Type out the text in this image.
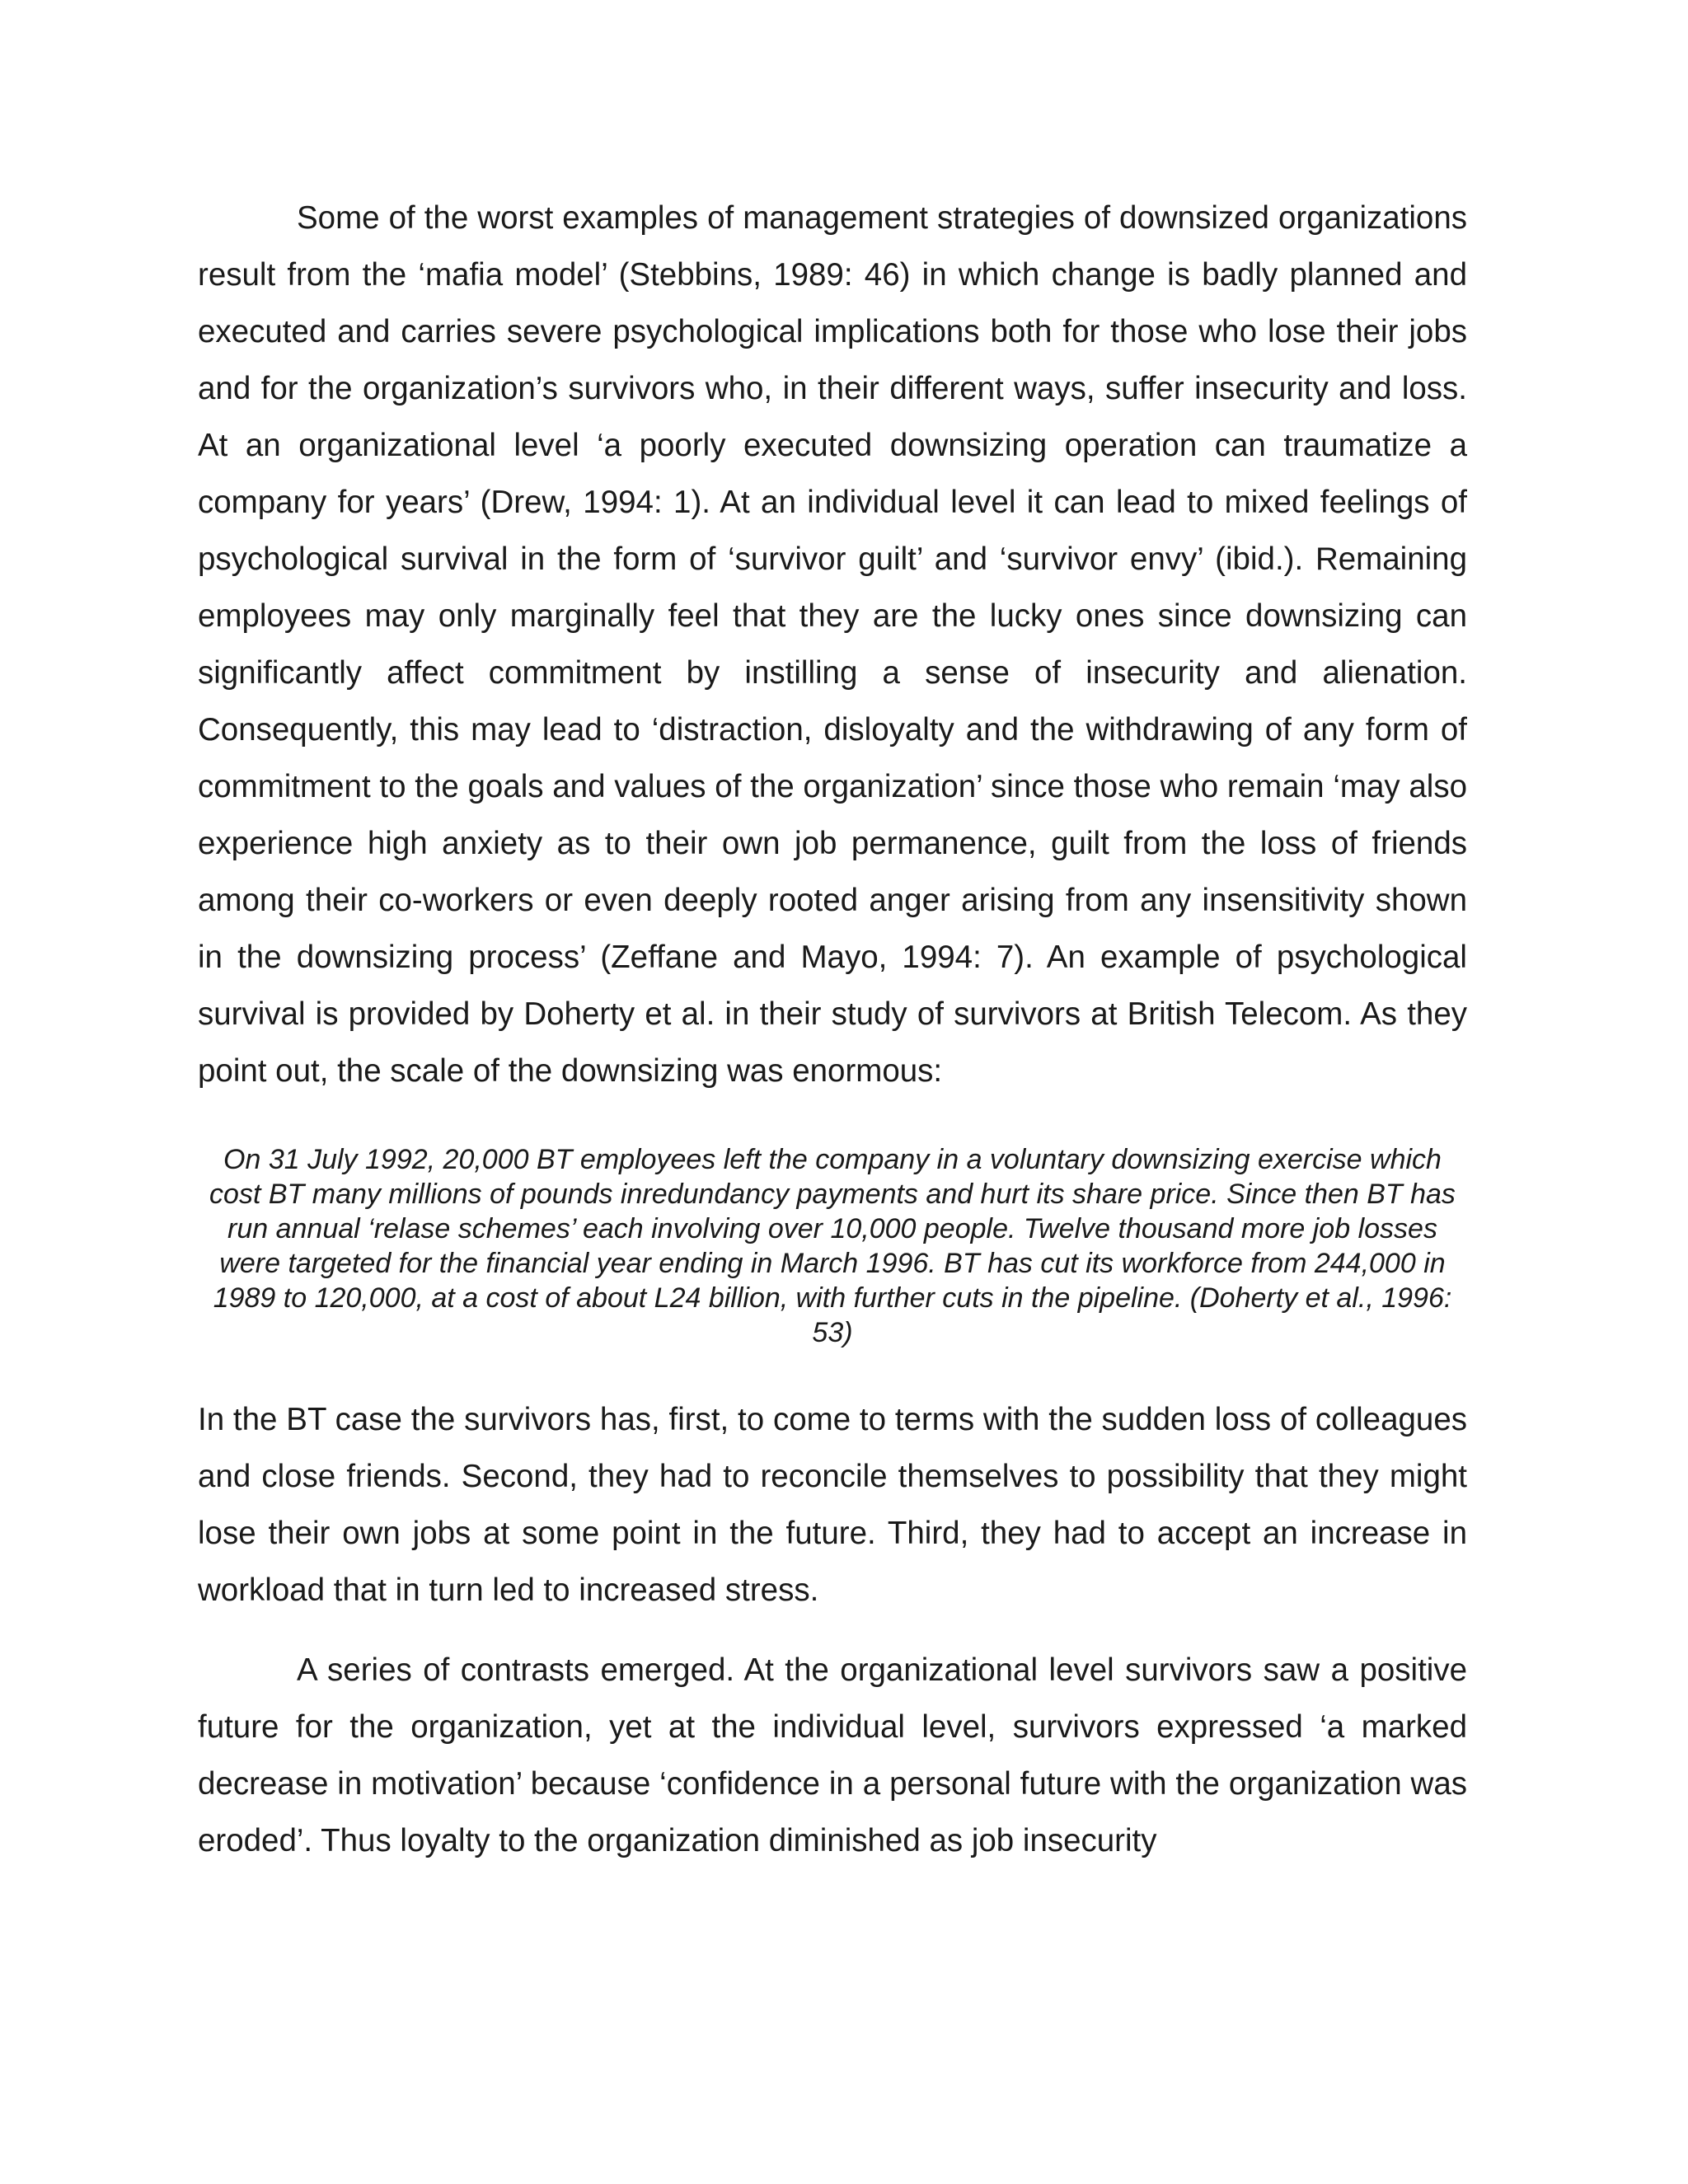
Some of the worst examples of management strategies of downsized organizations result from the ‘mafia model’ (Stebbins, 1989: 46) in which change is badly planned and executed and carries severe psychological implications both for those who lose their jobs and for the organization’s survivors who, in their different ways, suffer insecurity and loss. At an organizational level ‘a poorly executed downsizing operation can traumatize a company for years’ (Drew, 1994: 1). At an individual level it can lead to mixed feelings of psychological survival in the form of ‘survivor guilt’ and ‘survivor envy’ (ibid.). Remaining employees may only marginally feel that they are the lucky ones since downsizing can significantly affect commitment by instilling a sense of insecurity and alienation. Consequently, this may lead to ‘distraction, disloyalty and the withdrawing of any form of commitment to the goals and values of the organization’ since those who remain ‘may also experience high anxiety as to their own job permanence, guilt from the loss of friends among their co-workers or even deeply rooted anger arising from any insensitivity shown in the downsizing process’ (Zeffane and Mayo, 1994: 7). An example of psychological survival is provided by Doherty et al. in their study of survivors at British Telecom. As they point out, the scale of the downsizing was enormous:

On 31 July 1992, 20,000 BT employees left the company in a voluntary downsizing exercise which cost BT many millions of pounds inredundancy payments and hurt its share price. Since then BT has run annual ‘relase schemes’ each involving over 10,000 people. Twelve thousand more job losses were targeted for the financial year ending in March 1996. BT has cut its workforce from 244,000 in 1989 to 120,000, at a cost of about L24 billion, with further cuts in the pipeline. (Doherty et al., 1996: 53)

In the BT case the survivors has, first, to come to terms with the sudden loss of colleagues and close friends. Second, they had to reconcile themselves to possibility that they might lose their own jobs at some point in the future. Third, they had to accept an increase in workload that in turn led to increased stress.

A series of contrasts emerged. At the organizational level survivors saw a positive future for the organization, yet at the individual level, survivors expressed ‘a marked decrease in motivation’ because ‘confidence in a personal future with the organization was eroded’. Thus loyalty to the organization diminished as job insecurity
